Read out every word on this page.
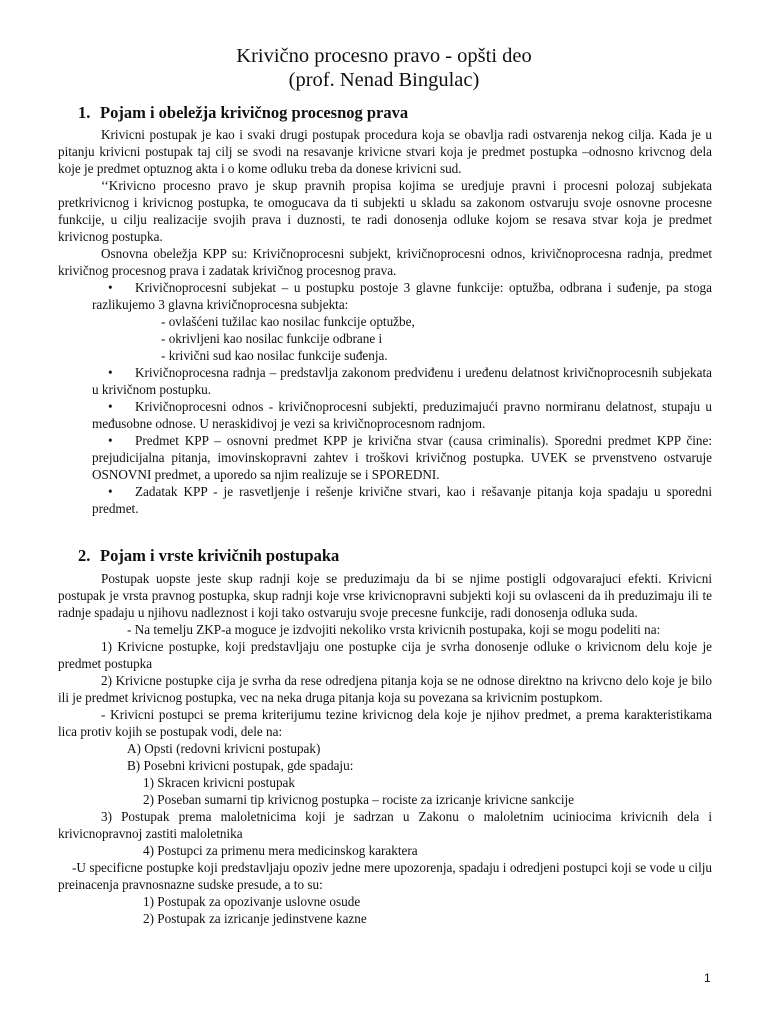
Krivično procesno pravo - opšti deo
(prof. Nenad Bingulac)
1. Pojam i obeležja krivičnog procesnog prava

Krivicni postupak je kao i svaki drugi postupak procedura koja se obavlja radi ostvarenja nekog cilja. Kada je u pitanju krivicni postupak taj cilj se svodi na resavanje krivicne stvari koja je predmet postupka –odnosno krivcnog dela koje je predmet optuznog akta i o kome odluku treba da donese krivicni sud.

‘‘Krivicno procesno pravo je skup pravnih propisa kojima se uredjuje pravni i procesni polozaj subjekata pretkrivicnog i krivicnog postupka, te omogucava da ti subjekti u skladu sa zakonom ostvaruju svoje osnovne procesne funkcije, u cilju realizacije svojih prava i duznosti, te radi donosenja odluke kojom se resava stvar koja je predmet krivicnog postupka.

Osnovna obeležja KPP su: Krivičnoprocesni subjekt, krivičnoprocesni odnos, krivičnoprocesna radnja, predmet krivičnog procesnog prava i zadatak krivičnog procesnog prava.

• Krivičnoprocesni subjekat – u postupku postoje 3 glavne funkcije: optužba, odbrana i suđenje, pa stoga razlikujemo 3 glavna krivičnoprocesna subjekta:

- ovlašćeni tužilac kao nosilac funkcije optužbe,

- okrivljeni kao nosilac funkcije odbrane i

- krivični sud kao nosilac funkcije suđenja.

• Krivičnoprocesna radnja – predstavlja zakonom predviđenu i uređenu delatnost krivičnoprocesnih subjekata u krivičnom postupku.

• Krivičnoprocesni odnos - krivičnoprocesni subjekti, preduzimajući pravno normiranu delatnost, stupaju u međusobne odnose. U neraskidivoj je vezi sa krivičnoprocesnom radnjom.

• Predmet KPP – osnovni predmet KPP je krivična stvar (causa criminalis). Sporedni predmet KPP čine: prejudicijalna pitanja, imovinskopravni zahtev i troškovi krivičnog postupka. UVEK se prvenstveno ostvaruje OSNOVNI predmet, a uporedo sa njim realizuje se i SPOREDNI.

• Zadatak KPP - je rasvetljenje i rešenje krivične stvari, kao i rešavanje pitanja koja spadaju u sporedni predmet.

2. Pojam i vrste krivičnih postupaka

Postupak uopste jeste skup radnji koje se preduzimaju da bi se njime postigli odgovarajuci efekti. Krivicni postupak je vrsta pravnog postupka, skup radnji koje vrse krivicnopravni subjekti koji su ovlasceni da ih preduzimaju ili te radnje spadaju u njihovu nadleznost i koji tako ostvaruju svoje precesne funkcije, radi donosenja odluka suda.

- Na temelju ZKP-a moguce je izdvojiti nekoliko vrsta krivicnih postupaka, koji se mogu podeliti na:

1) Krivicne postupke, koji predstavljaju one postupke cija je svrha donosenje odluke o krivicnom delu koje je predmet postupka

2) Krivicne postupke cija je svrha da rese odredjena pitanja koja se ne odnose direktno na krivcno delo koje je bilo ili je predmet krivicnog postupka, vec na neka druga pitanja koja su povezana sa krivicnim postupkom.

- Krivicni postupci se prema kriterijumu tezine krivicnog dela koje je njihov predmet, a prema karakteristikama lica protiv kojih se postupak vodi, dele na:

A) Opsti (redovni krivicni postupak)

B) Posebni krivicni postupak, gde spadaju:

1) Skracen krivicni postupak

2) Poseban sumarni tip krivicnog postupka – rociste za izricanje krivicne sankcije

3) Postupak prema maloletnicima koji je sadrzan u Zakonu o maloletnim uciniocima krivicnih dela i krivicnopravnoj zastiti maloletnika

4) Postupci za primenu mera medicinskog karaktera

-U specificne postupke koji predstavljaju opoziv jedne mere upozorenja, spadaju i odredjeni postupci koji se vode u cilju preinacenja pravnosnazne sudske presude, a to su:

1) Postupak za opozivanje uslovne osude

2) Postupak za izricanje jedinstvene kazne

1
